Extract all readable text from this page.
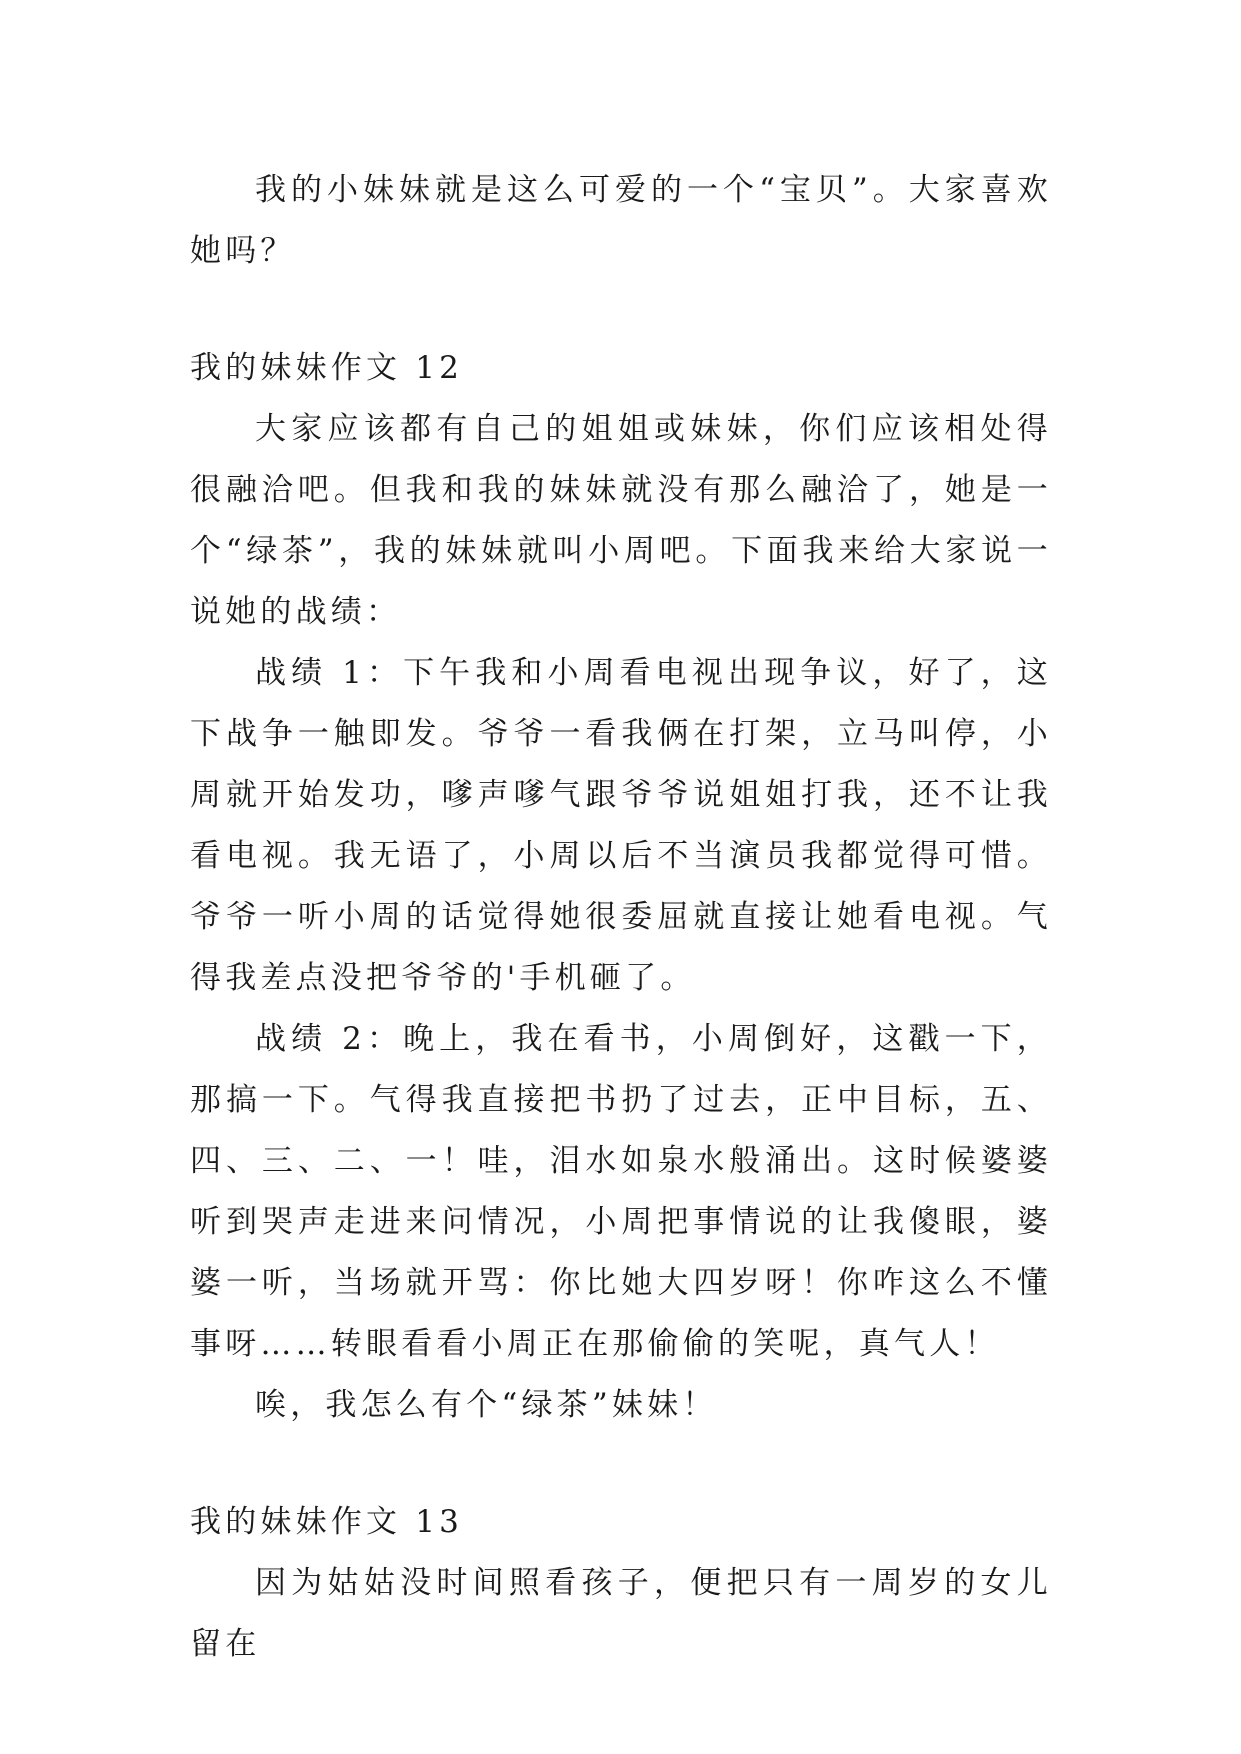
我的小妹妹就是这么可爱的一个“宝贝”。大家喜欢她吗？

我的妹妹作文 12

大家应该都有自己的姐姐或妹妹，你们应该相处得很融洽吧。但我和我的妹妹就没有那么融洽了，她是一个“绿茶”，我的妹妹就叫小周吧。下面我来给大家说一说她的战绩：

战绩 1：下午我和小周看电视出现争议，好了，这下战争一触即发。爷爷一看我俩在打架，立马叫停，小周就开始发功，嗲声嗲气跟爷爷说姐姐打我，还不让我看电视。我无语了，小周以后不当演员我都觉得可惜。爷爷一听小周的话觉得她很委屈就直接让她看电视。气得我差点没把爷爷的'手机砸了。

战绩 2：晚上，我在看书，小周倒好，这戳一下，那搞一下。气得我直接把书扔了过去，正中目标，五、四、三、二、一！哇，泪水如泉水般涌出。这时候婆婆听到哭声走进来问情况，小周把事情说的让我傻眼，婆婆一听，当场就开骂：你比她大四岁呀！你咋这么不懂事呀……转眼看看小周正在那偷偷的笑呢，真气人！

唉，我怎么有个“绿茶”妹妹！

我的妹妹作文 13

因为姑姑没时间照看孩子，便把只有一周岁的女儿留在
